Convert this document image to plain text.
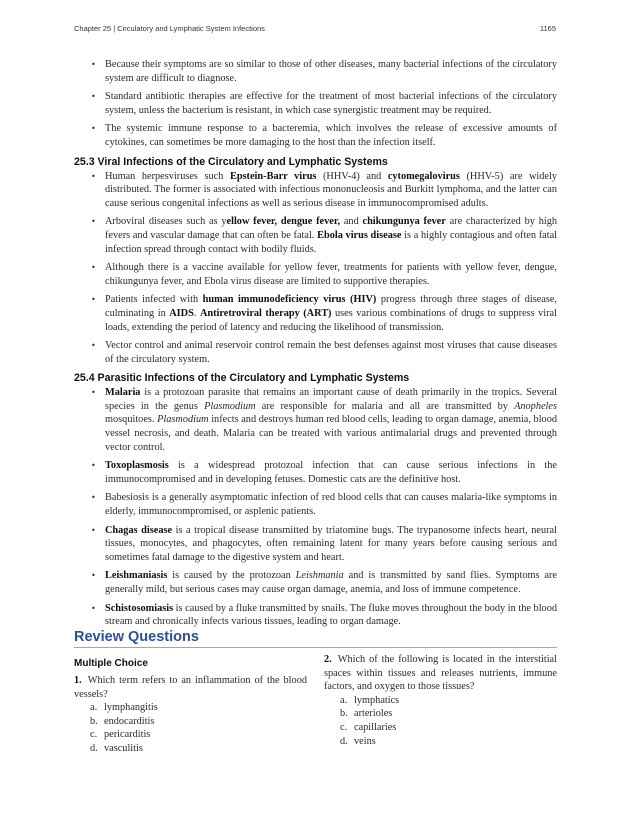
Chapter 25 | Circulatory and Lymphatic System Infections	1165
• Because their symptoms are so similar to those of other diseases, many bacterial infections of the circulatory system are difficult to diagnose.
• Standard antibiotic therapies are effective for the treatment of most bacterial infections of the circulatory system, unless the bacterium is resistant, in which case synergistic treatment may be required.
• The systemic immune response to a bacteremia, which involves the release of excessive amounts of cytokines, can sometimes be more damaging to the host than the infection itself.
25.3 Viral Infections of the Circulatory and Lymphatic Systems
• Human herpesviruses such Epstein-Barr virus (HHV-4) and cytomegalovirus (HHV-5) are widely distributed. The former is associated with infectious mononucleosis and Burkitt lymphoma, and the latter can cause serious congenital infections as well as serious disease in immunocompromised adults.
• Arboviral diseases such as yellow fever, dengue fever, and chikungunya fever are characterized by high fevers and vascular damage that can often be fatal. Ebola virus disease is a highly contagious and often fatal infection spread through contact with bodily fluids.
• Although there is a vaccine available for yellow fever, treatments for patients with yellow fever, dengue, chikungunya fever, and Ebola virus disease are limited to supportive therapies.
• Patients infected with human immunodeficiency virus (HIV) progress through three stages of disease, culminating in AIDS. Antiretroviral therapy (ART) uses various combinations of drugs to suppress viral loads, extending the period of latency and reducing the likelihood of transmission.
• Vector control and animal reservoir control remain the best defenses against most viruses that cause diseases of the circulatory system.
25.4 Parasitic Infections of the Circulatory and Lymphatic Systems
• Malaria is a protozoan parasite that remains an important cause of death primarily in the tropics. Several species in the genus Plasmodium are responsible for malaria and all are transmitted by Anopheles mosquitoes. Plasmodium infects and destroys human red blood cells, leading to organ damage, anemia, blood vessel necrosis, and death. Malaria can be treated with various antimalarial drugs and prevented through vector control.
• Toxoplasmosis is a widespread protozoal infection that can cause serious infections in the immunocompromised and in developing fetuses. Domestic cats are the definitive host.
• Babesiosis is a generally asymptomatic infection of red blood cells that can causes malaria-like symptoms in elderly, immunocompromised, or asplenic patients.
• Chagas disease is a tropical disease transmitted by triatomine bugs. The trypanosome infects heart, neural tissues, monocytes, and phagocytes, often remaining latent for many years before causing serious and sometimes fatal damage to the digestive system and heart.
• Leishmaniasis is caused by the protozoan Leishmania and is transmitted by sand flies. Symptoms are generally mild, but serious cases may cause organ damage, anemia, and loss of immune competence.
• Schistosomiasis is caused by a fluke transmitted by snails. The fluke moves throughout the body in the blood stream and chronically infects various tissues, leading to organ damage.
Review Questions
Multiple Choice

1. Which term refers to an inflammation of the blood vessels?

a. lymphangitis
b. endocarditis
c. pericarditis
d. vasculitis

2. Which of the following is located in the interstitial spaces within tissues and releases nutrients, immune factors, and oxygen to those tissues?

a. lymphatics
b. arterioles
c. capillaries
d. veins
